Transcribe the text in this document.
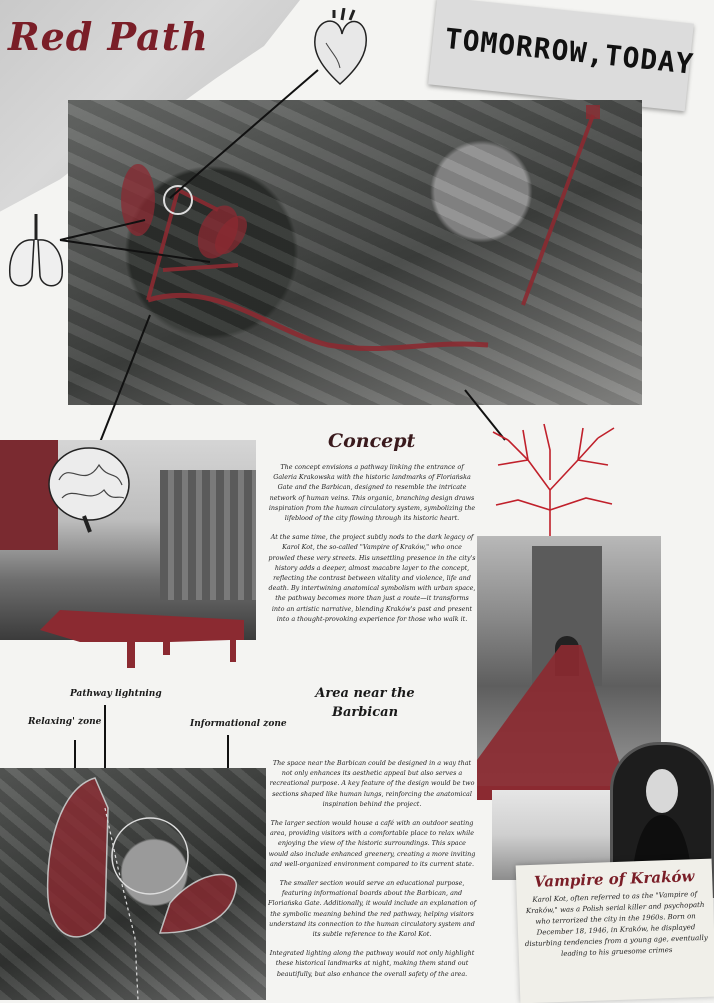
Red Path	TOMORROW,TODAY
Concept

The concept envisions a pathway linking the entrance of Galeria Krakowska with the historic landmarks of Floriańska Gate and the Barbican, designed to resemble the intricate network of human veins. This organic, branching design draws inspiration from the human circulatory system, symbolizing the lifeblood of the city flowing through its historic heart.

At the same time, the project subtly nods to the dark legacy of Karol Kot, the so-called "Vampire of Kraków," who once prowled these very streets. His unsettling presence in the city's history adds a deeper, almost macabre layer to the concept, reflecting the contrast between vitality and violence, life and death. By intertwining anatomical symbolism with urban space, the pathway becomes more than just a route—it transforms into an artistic narrative, blending Kraków's past and present into a thought-provoking experience for those who walk it.

Area near the Barbican

The space near the Barbican could be designed in a way that not only enhances its aesthetic appeal but also serves a recreational purpose. A key feature of the design would be two sections shaped like human lungs, reinforcing the anatomical inspiration behind the project.

The larger section would house a café with an outdoor seating area, providing visitors with a comfortable place to relax while enjoying the view of the historic surroundings. This space would also include enhanced greenery, creating a more inviting and well-organized environment compared to its current state.

The smaller section would serve an educational purpose, featuring informational boards about the Barbican, and Floriańska Gate. Additionally, it would include an explanation of the symbolic meaning behind the red pathway, helping visitors understand its connection to the human circulatory system and its subtle reference to the Karol Kot.

Integrated lighting along the pathway would not only highlight these historical landmarks at night, making them stand out beautifully, but also enhance the overall safety of the area.

Pathway lightning
Relaxing' zone	Informational zone
Vampire of Kraków
Karol Kot, often referred to as the "Vampire of Kraków," was a Polish serial killer and psychopath who terrorized the city in the 1960s. Born on December 18, 1946, in Kraków, he displayed disturbing tendencies from a young age, eventually leading to his gruesome crimes
